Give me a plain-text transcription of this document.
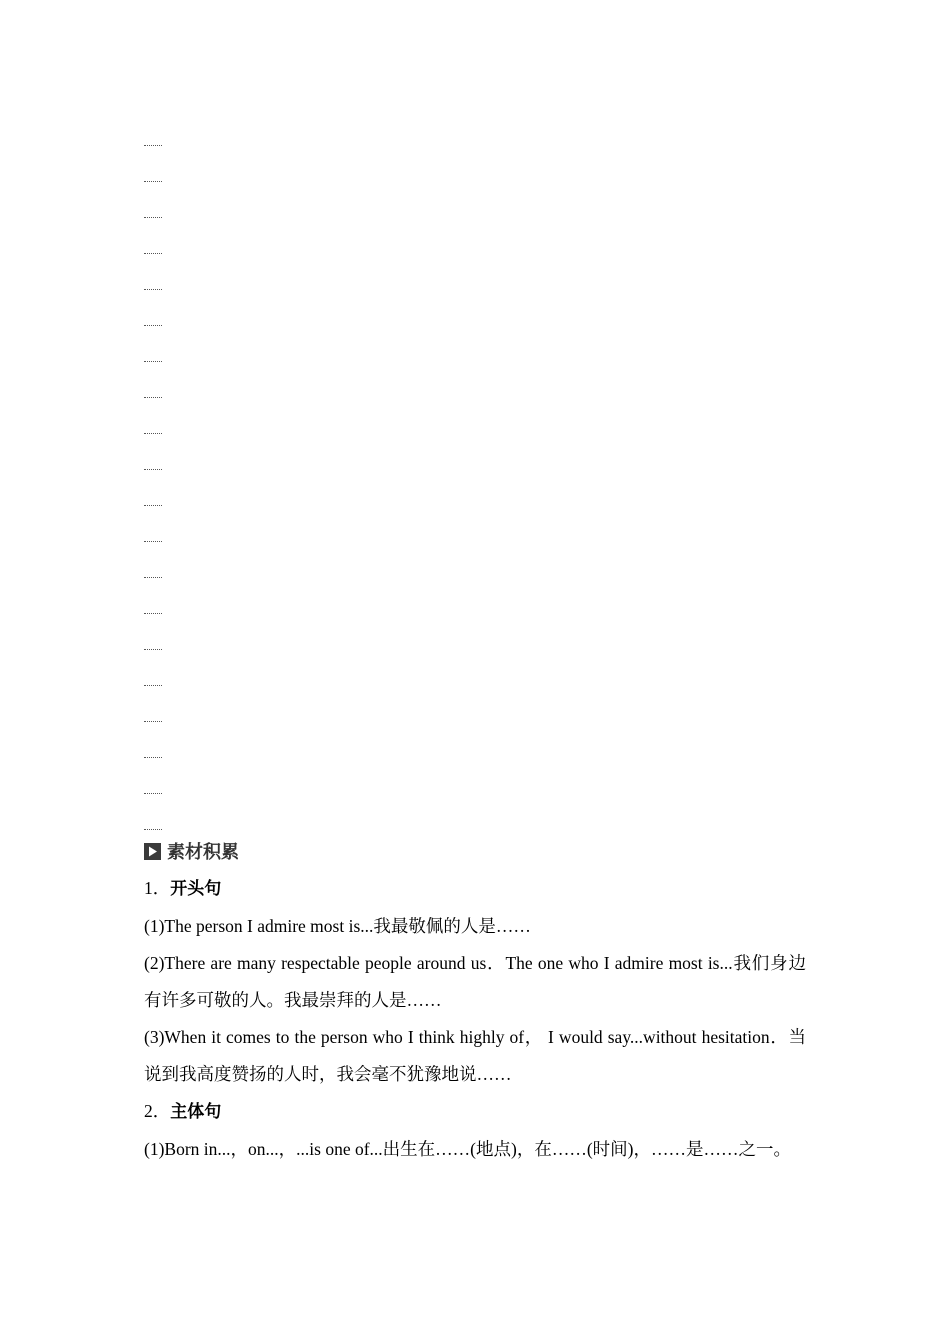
素材积累
1．开头句
(1)The person I admire most is...我最敬佩的人是……
(2)There are many respectable people around us．The one who I admire most is...我们身边有许多可敬的人。我最崇拜的人是……
(3)When it comes to the person who I think highly of， I would say...without hesitation．当说到我高度赞扬的人时，我会毫不犹豫地说……
2．主体句
(1)Born in...，on...，...is one of...出生在……(地点)，在……(时间)，……是……之一。
